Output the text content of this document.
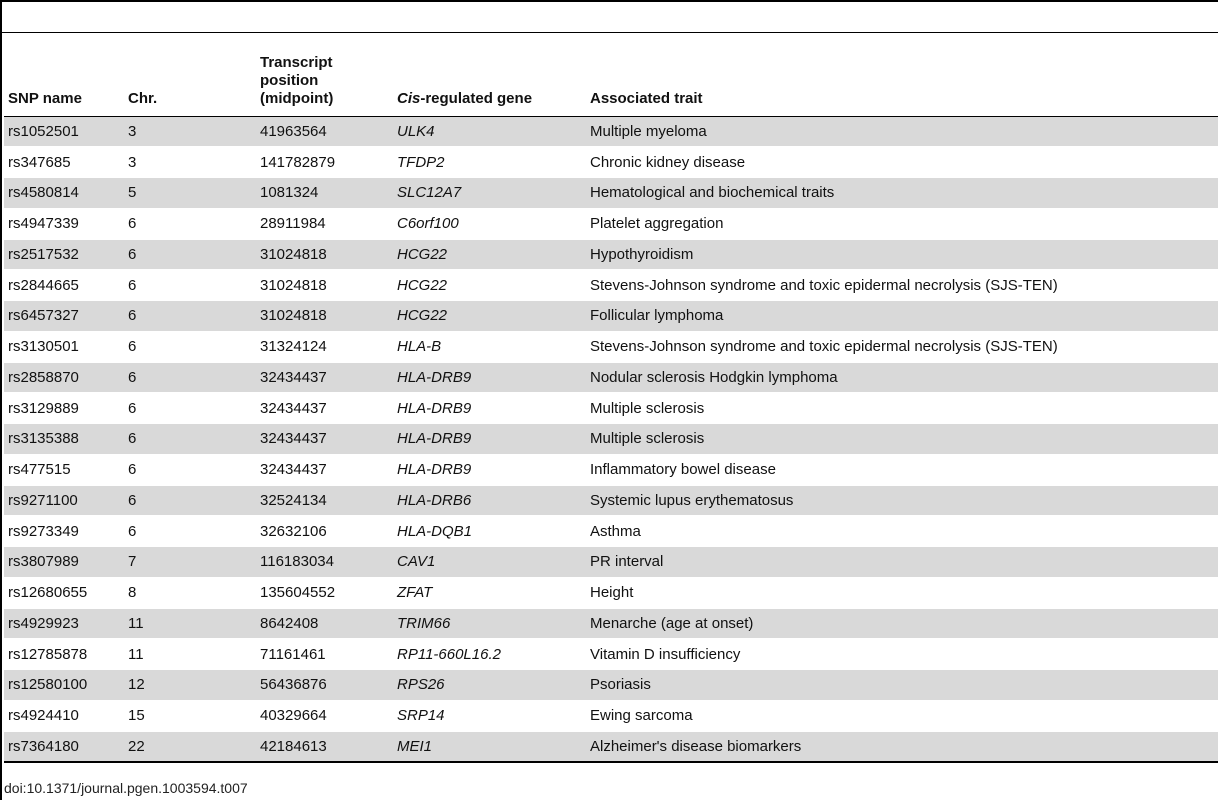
SNP name	Chr.	Transcript position (midpoint)	Cis-regulated gene	Associated trait
rs1052501	3	41963564	ULK4	Multiple myeloma
rs347685	3	141782879	TFDP2	Chronic kidney disease
rs4580814	5	1081324	SLC12A7	Hematological and biochemical traits
rs4947339	6	28911984	C6orf100	Platelet aggregation
rs2517532	6	31024818	HCG22	Hypothyroidism
rs2844665	6	31024818	HCG22	Stevens-Johnson syndrome and toxic epidermal necrolysis (SJS-TEN)
rs6457327	6	31024818	HCG22	Follicular lymphoma
rs3130501	6	31324124	HLA-B	Stevens-Johnson syndrome and toxic epidermal necrolysis (SJS-TEN)
rs2858870	6	32434437	HLA-DRB9	Nodular sclerosis Hodgkin lymphoma
rs3129889	6	32434437	HLA-DRB9	Multiple sclerosis
rs3135388	6	32434437	HLA-DRB9	Multiple sclerosis
rs477515	6	32434437	HLA-DRB9	Inflammatory bowel disease
rs9271100	6	32524134	HLA-DRB6	Systemic lupus erythematosus
rs9273349	6	32632106	HLA-DQB1	Asthma
rs3807989	7	116183034	CAV1	PR interval
rs12680655	8	135604552	ZFAT	Height
rs4929923	11	8642408	TRIM66	Menarche (age at onset)
rs12785878	11	71161461	RP11-660L16.2	Vitamin D insufficiency
rs12580100	12	56436876	RPS26	Psoriasis
rs4924410	15	40329664	SRP14	Ewing sarcoma
rs7364180	22	42184613	MEI1	Alzheimer's disease biomarkers
doi:10.1371/journal.pgen.1003594.t007
